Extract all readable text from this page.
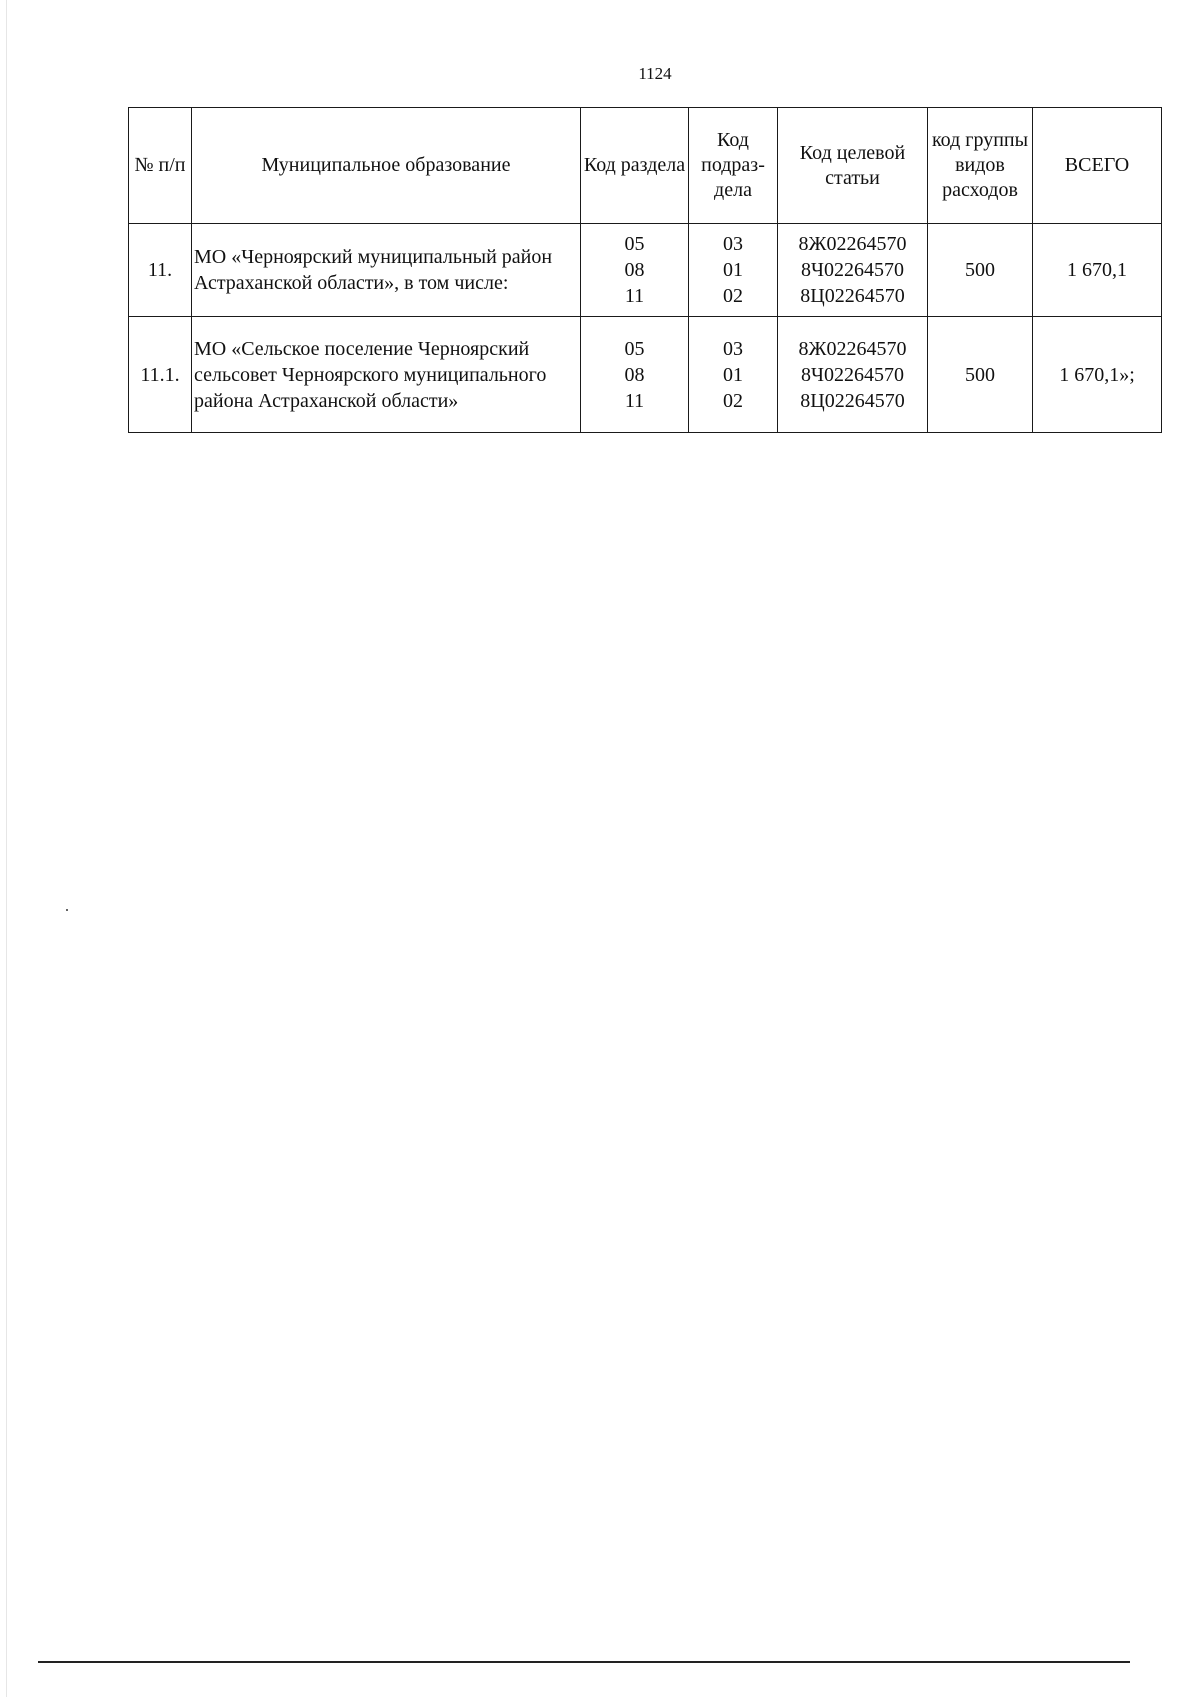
1124
№ п/п	Муниципальное образование	Код раздела	Код подраз-дела	Код целевой статьи	код группы видов расходов	ВСЕГО
11.	МО «Черноярский муниципальный район Астраханской области», в том числе:	05
08
11	03
01
02	8Ж02264570
8Ч02264570
8Ц02264570	500	1 670,1
11.1.	МО «Сельское поселение Черноярский сельсовет Черноярского муниципального района Астраханской области»	05
08
11	03
01
02	8Ж02264570
8Ч02264570
8Ц02264570	500	1 670,1»;
